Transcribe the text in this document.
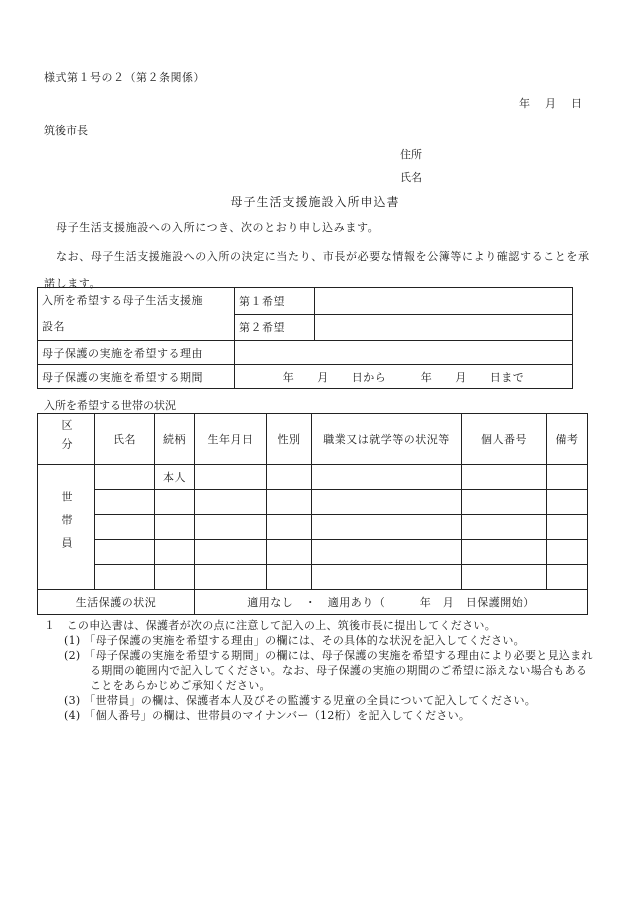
様式第１号の２（第２条関係）
年　月　日
筑後市長
住所
氏名
母子生活支援施設入所申込書
母子生活支援施設への入所につき、次のとおり申し込みます。
なお、母子生活支援施設への入所の決定に当たり、市長が必要な情報を公簿等により確認することを承諾します。
入所を希望する母子生活支援施
設名	第１希望	
	第２希望	
母子保護の実施を希望する理由		
母子保護の実施を希望する期間	年　　月　　日から　　　年　　月　　日まで	
入所を希望する世帯の状況
区分	氏名	続柄	生年月日	性別	職業又は就学等の状況等	個人番号	備考
世帯員		本人					

生活保護の状況			適用なし　・　適用あり（　　　年　月　日保護開始）				

１　この申込書は、保護者が次の点に注意して記入の上、筑後市長に提出してください。

(1) 「母子保護の実施を希望する理由」の欄には、その具体的な状況を記入してください。

(2) 「母子保護の実施を希望する期間」の欄には、母子保護の実施を希望する理由により必要と見込まれる期間の範囲内で記入してください。なお、母子保護の実施の期間のご希望に添えない場合もあることをあらかじめご承知ください。

(3) 「世帯員」の欄は、保護者本人及びその監護する児童の全員について記入してください。

(4) 「個人番号」の欄は、世帯員のマイナンバー（12桁）を記入してください。
